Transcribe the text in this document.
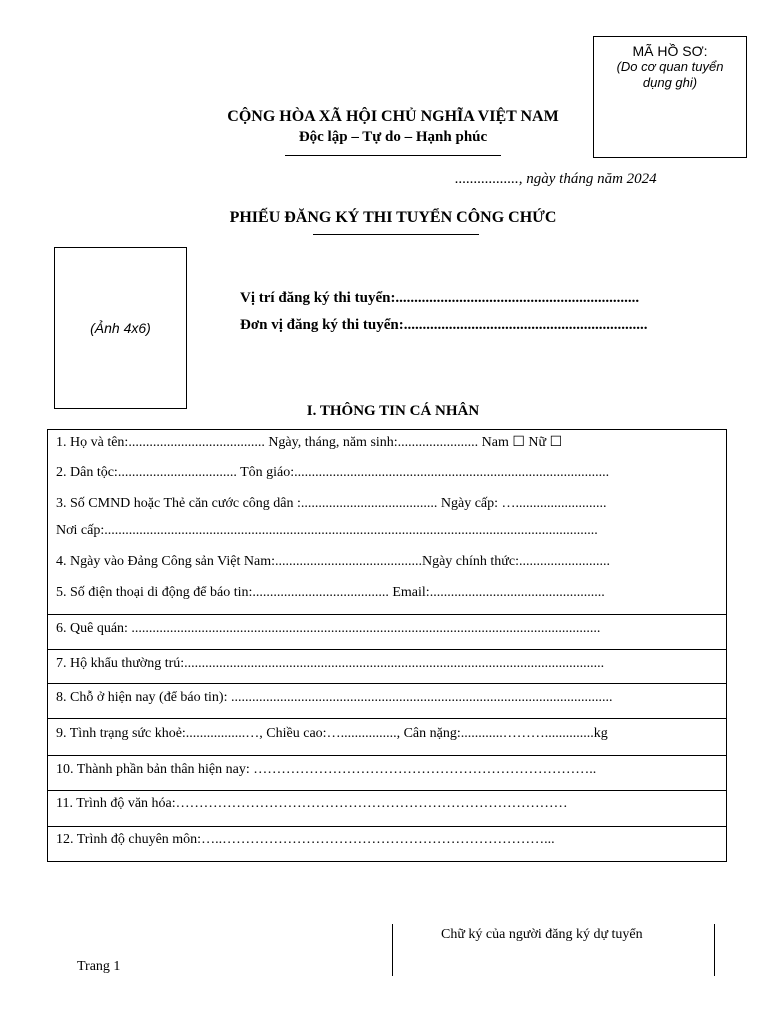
MÃ HỒ SƠ:
(Do cơ quan tuyển dụng ghi)
CỘNG HÒA XÃ HỘI CHỦ NGHĨA VIỆT NAM
Độc lập – Tự do – Hạnh phúc
................., ngày tháng năm 2024
PHIẾU ĐĂNG KÝ THI TUYỂN CÔNG CHỨC
(Ảnh 4x6)
Vị trí đăng ký thi tuyển:.................................................................
Đơn vị đăng ký thi tuyển:.................................................................
I. THÔNG TIN CÁ NHÂN
1. Họ và tên:....................................... Ngày, tháng, năm sinh:....................... Nam ☐ Nữ ☐
2. Dân tộc:.................................. Tôn giáo:..........................................................................................
3. Số CMND hoặc Thẻ căn cước công dân :....................................... Ngày cấp: …..........................
Nơi cấp:.............................................................................................................................................
4. Ngày vào Đảng Công sản Việt Nam:..........................................Ngày chính thức:..........................
5. Số điện thoại di động để báo tin:....................................... Email:..................................................
6. Quê quán: ......................................................................................................................................
7. Hộ khẩu thường trú:........................................................................................................................
8. Chỗ ở hiện nay (để báo tin): .............................................................................................................
9. Tình trạng sức khoẻ:.................…, Chiều cao:…................, Cân nặng:............………..............kg
10. Thành phần bản thân hiện nay: ………………………………………………………………..
11. Trình độ văn hóa:…………………………………………………………………………
12. Trình độ chuyên môn:…..……………………………………………………………...
Chữ ký của người đăng ký dự tuyển
Trang 1
